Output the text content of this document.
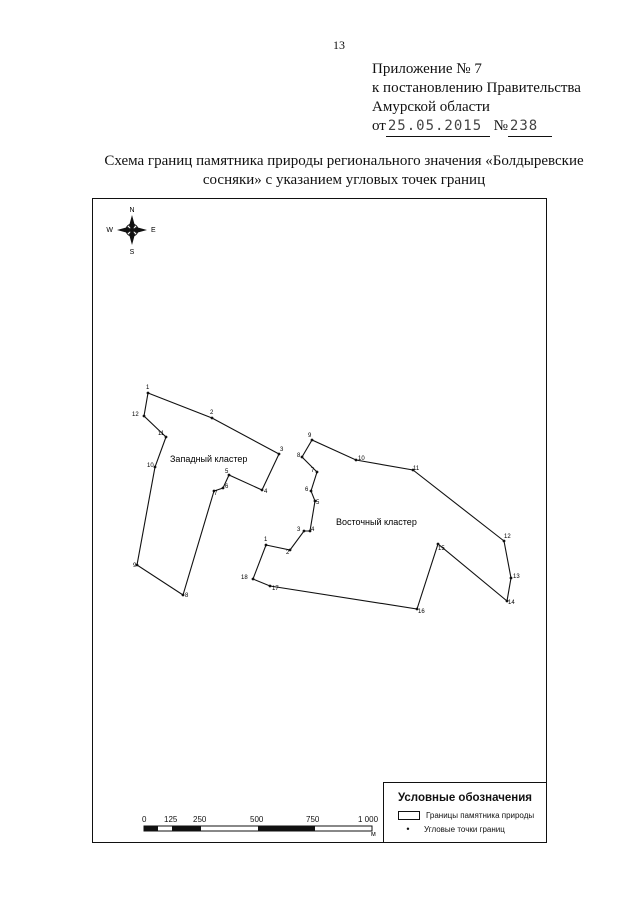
13
Приложение № 7
к постановлению Правительства
Амурской области
от 25.05.2015 № 238
Схема границ памятника природы регионального значения «Болдыревские
сосняки» с указанием угловых точек границ
N
S
W	E
1
2
3
4
5
6
7
8
9
10
11
12
1
2
3 4
5
6
7
8
9
10
11
12
13
14
15
16
17
18
Западный кластер
Восточный кластер
0 125 250	500	750	1 000
м
Условные обозначения
Границы памятника природы
• Угловые точки границ
